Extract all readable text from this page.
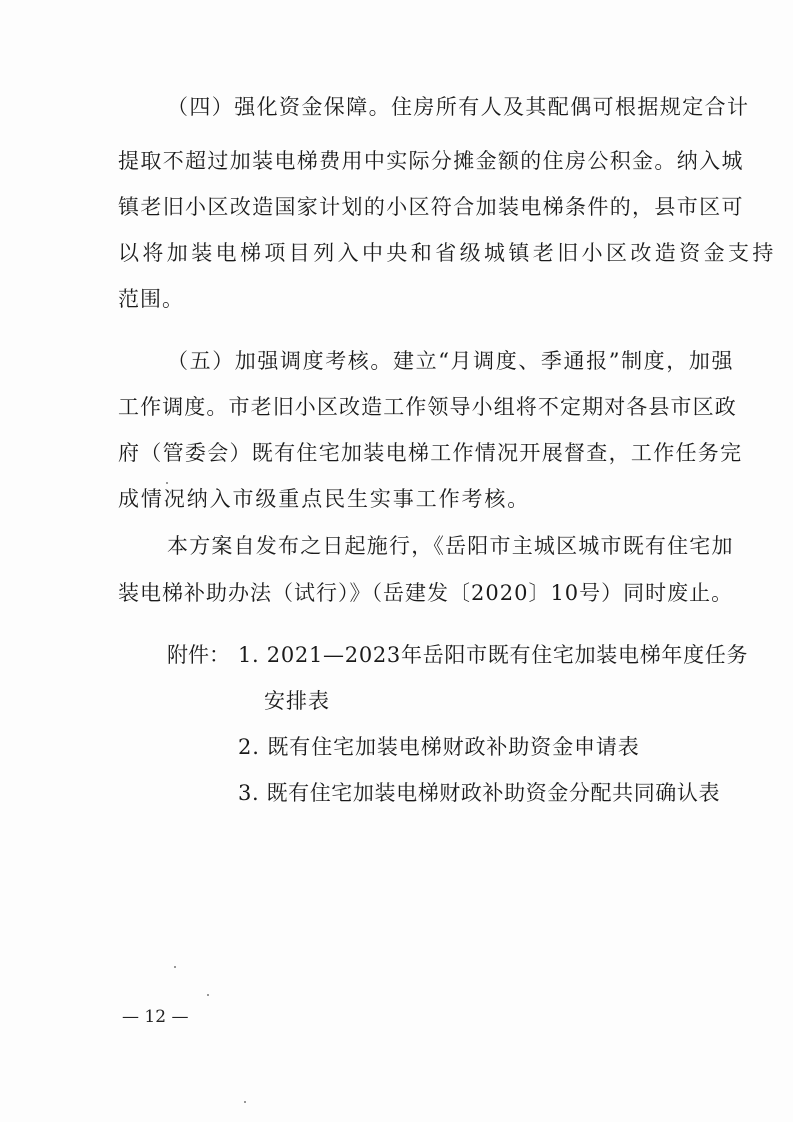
（四）强化资金保障。住房所有人及其配偶可根据规定合计
提取不超过加装电梯费用中实际分摊金额的住房公积金。纳入城
镇老旧小区改造国家计划的小区符合加装电梯条件的，县市区可
以将加装电梯项目列入中央和省级城镇老旧小区改造资金支持
范围。
（五）加强调度考核。建立“月调度、季通报”制度，加强
工作调度。市老旧小区改造工作领导小组将不定期对各县市区政
府（管委会）既有住宅加装电梯工作情况开展督查，工作任务完
成情况纳入市级重点民生实事工作考核。
本方案自发布之日起施行，《岳阳市主城区城市既有住宅加
装电梯补助办法（试行）》（岳建发〔2020〕10号）同时废止。
附件： 1. 2021—2023年岳阳市既有住宅加装电梯年度任务
安排表
2. 既有住宅加装电梯财政补助资金申请表
3. 既有住宅加装电梯财政补助资金分配共同确认表
— 12 —
